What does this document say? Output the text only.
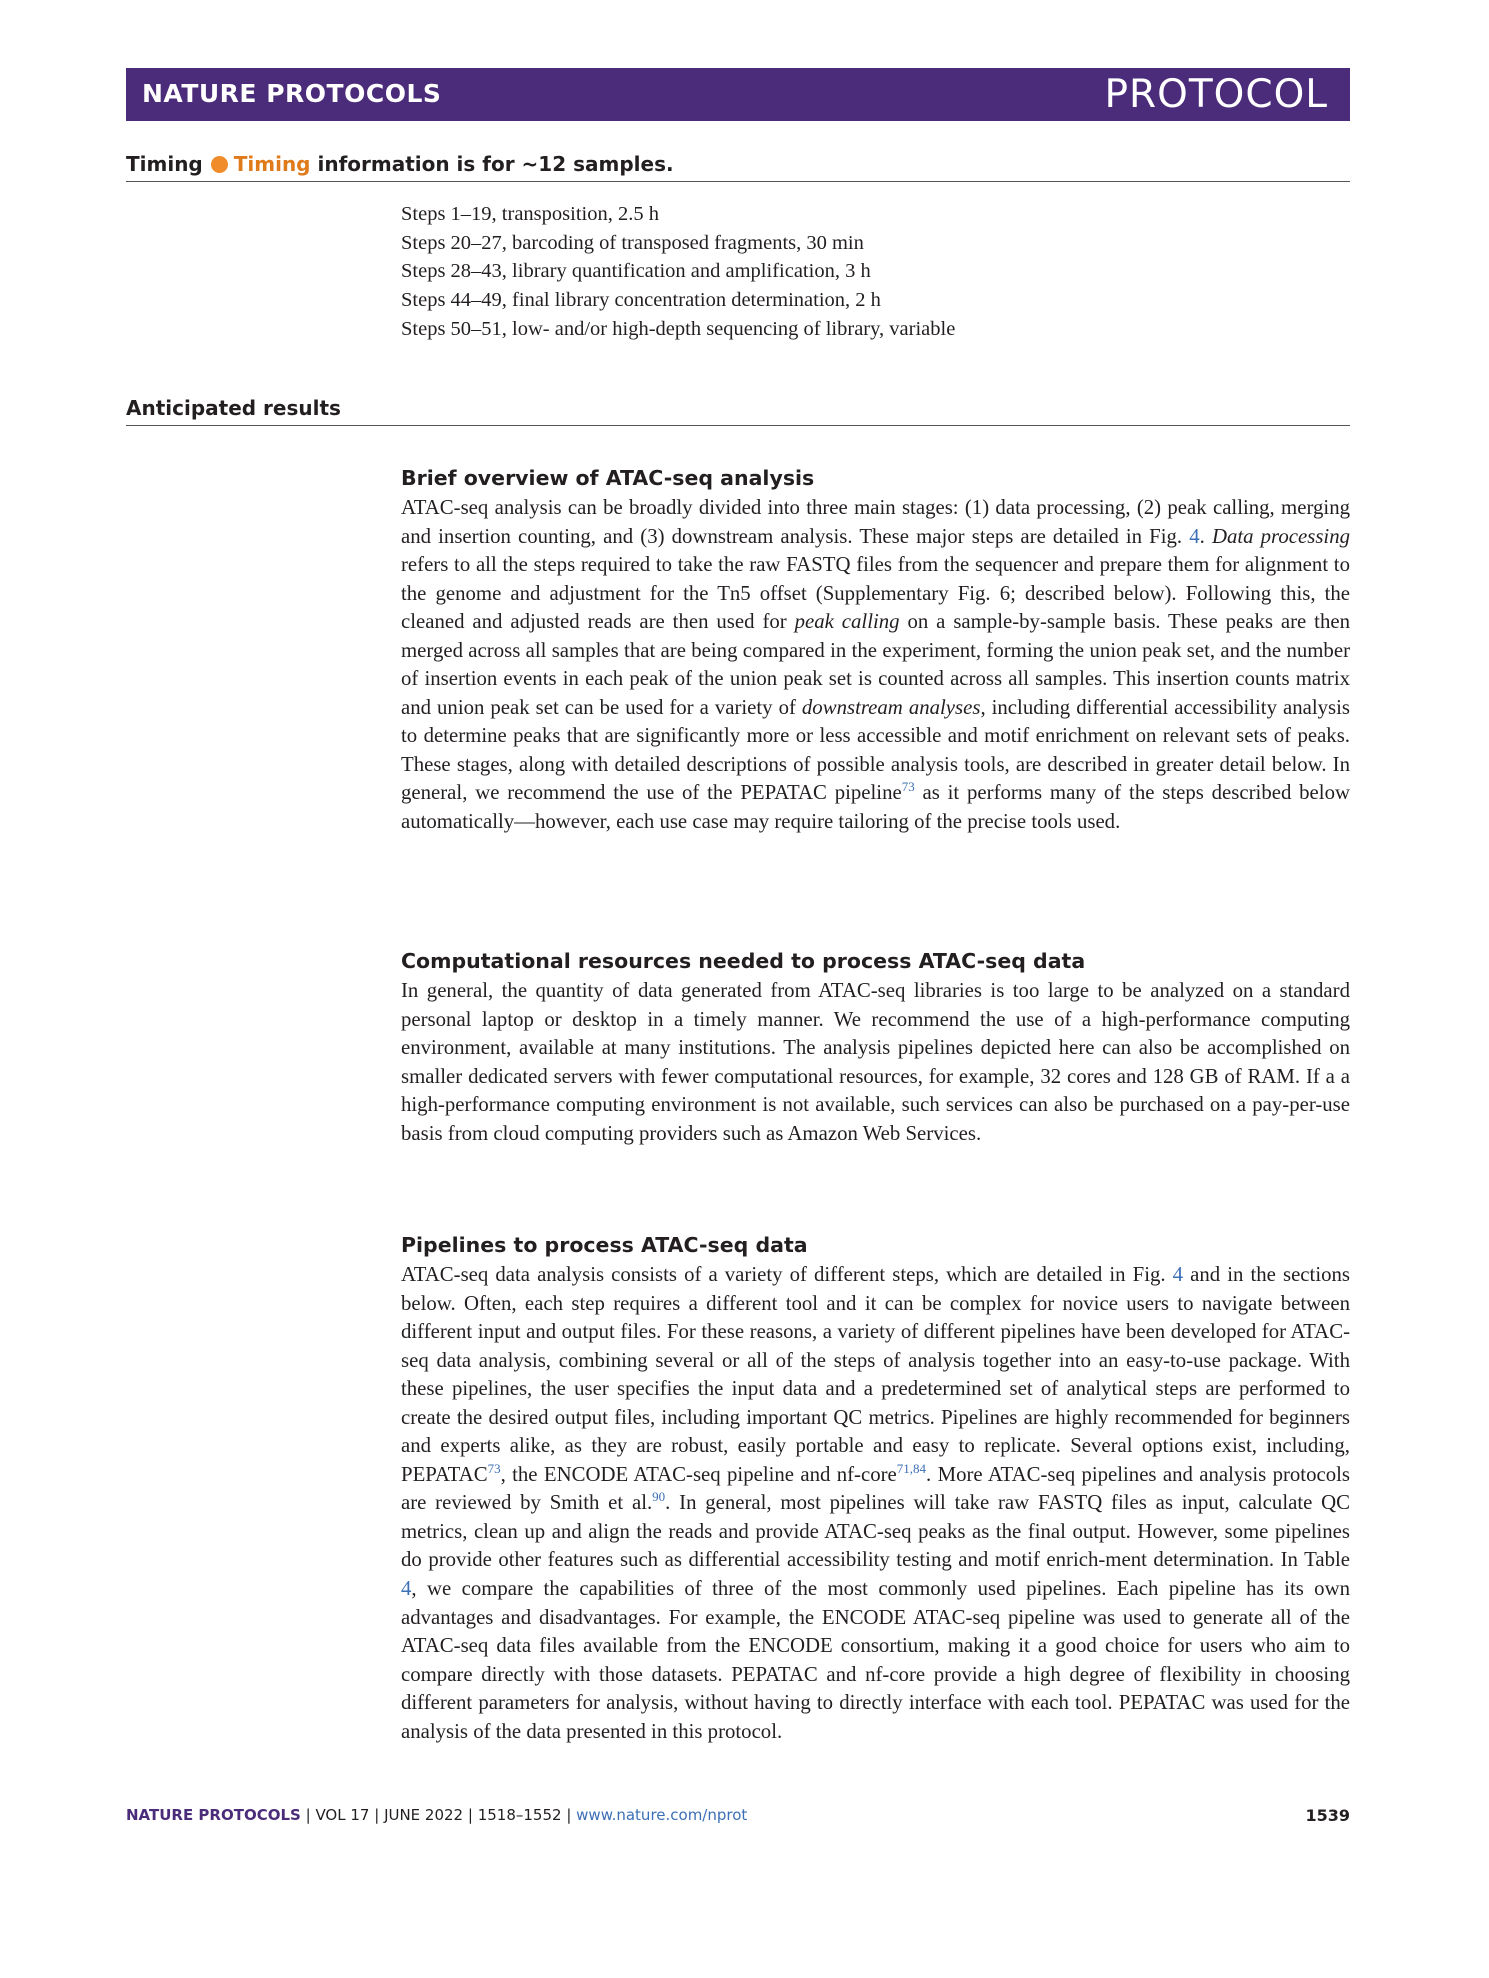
NATURE PROTOCOLS	PROTOCOL
Timing Timing information is for ~12 samples.
Steps 1–19, transposition, 2.5 h
Steps 20–27, barcoding of transposed fragments, 30 min
Steps 28–43, library quantification and amplification, 3 h
Steps 44–49, final library concentration determination, 2 h
Steps 50–51, low- and/or high-depth sequencing of library, variable
Anticipated results
Brief overview of ATAC-seq analysis
ATAC-seq analysis can be broadly divided into three main stages: (1) data processing, (2) peak calling, merging and insertion counting, and (3) downstream analysis. These major steps are detailed in Fig. 4. Data processing refers to all the steps required to take the raw FASTQ files from the sequencer and prepare them for alignment to the genome and adjustment for the Tn5 offset (Supplementary Fig. 6; described below). Following this, the cleaned and adjusted reads are then used for peak calling on a sample-by-sample basis. These peaks are then merged across all samples that are being compared in the experiment, forming the union peak set, and the number of insertion events in each peak of the union peak set is counted across all samples. This insertion counts matrix and union peak set can be used for a variety of downstream analyses, including differential accessibility analysis to determine peaks that are significantly more or less accessible and motif enrichment on relevant sets of peaks. These stages, along with detailed descriptions of possible analysis tools, are described in greater detail below. In general, we recommend the use of the PEPATAC pipeline$^{73}$ as it performs many of the steps described below automatically—however, each use case may require tailoring of the precise tools used.
Computational resources needed to process ATAC-seq data
In general, the quantity of data generated from ATAC-seq libraries is too large to be analyzed on a standard personal laptop or desktop in a timely manner. We recommend the use of a high-performance computing environment, available at many institutions. The analysis pipelines depicted here can also be accomplished on smaller dedicated servers with fewer computational resources, for example, 32 cores and 128 GB of RAM. If a a high-performance computing environment is not available, such services can also be purchased on a pay-per-use basis from cloud computing providers such as Amazon Web Services.
Pipelines to process ATAC-seq data
ATAC-seq data analysis consists of a variety of different steps, which are detailed in Fig. 4 and in the sections below. Often, each step requires a different tool and it can be complex for novice users to navigate between different input and output files. For these reasons, a variety of different pipelines have been developed for ATAC-seq data analysis, combining several or all of the steps of analysis together into an easy-to-use package. With these pipelines, the user specifies the input data and a predetermined set of analytical steps are performed to create the desired output files, including important QC metrics. Pipelines are highly recommended for beginners and experts alike, as they are robust, easily portable and easy to replicate. Several options exist, including, PEPATAC$^{73}$, the ENCODE ATAC-seq pipeline and nf-core$^{71,84}$. More ATAC-seq pipelines and analysis protocols are reviewed by Smith et al.$^{90}$. In general, most pipelines will take raw FASTQ files as input, calculate QC metrics, clean up and align the reads and provide ATAC-seq peaks as the final output. However, some pipelines do provide other features such as differential accessibility testing and motif enrich-ment determination. In Table 4, we compare the capabilities of three of the most commonly used pipelines. Each pipeline has its own advantages and disadvantages. For example, the ENCODE ATAC-seq pipeline was used to generate all of the ATAC-seq data files available from the ENCODE consortium, making it a good choice for users who aim to compare directly with those datasets. PEPATAC and nf-core provide a high degree of flexibility in choosing different parameters for analysis, without having to directly interface with each tool. PEPATAC was used for the analysis of the data presented in this protocol.
NATURE PROTOCOLS | VOL 17 | JUNE 2022 | 1518–1552 | www.nature.com/nprot	1539
